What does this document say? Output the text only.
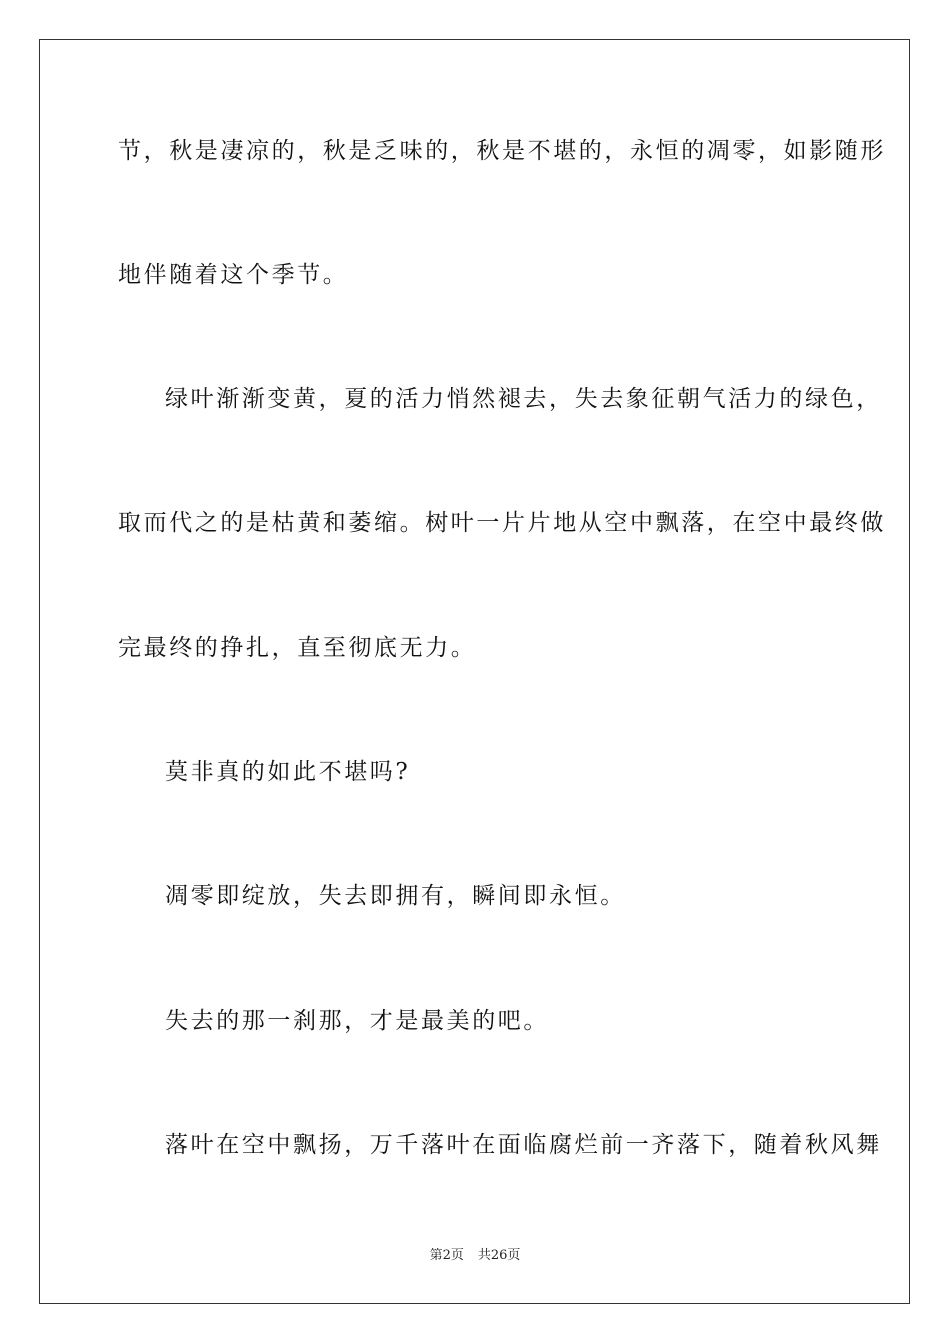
节，秋是凄凉的，秋是乏味的，秋是不堪的，永恒的凋零，如影随形
地伴随着这个季节。
绿叶渐渐变黄，夏的活力悄然褪去，失去象征朝气活力的绿色，
取而代之的是枯黄和萎缩。树叶一片片地从空中飘落，在空中最终做
完最终的挣扎，直至彻底无力。
莫非真的如此不堪吗?
凋零即绽放，失去即拥有，瞬间即永恒。
失去的那一刹那，才是最美的吧。
落叶在空中飘扬，万千落叶在面临腐烂前一齐落下，随着秋风舞
第2页 共26页
